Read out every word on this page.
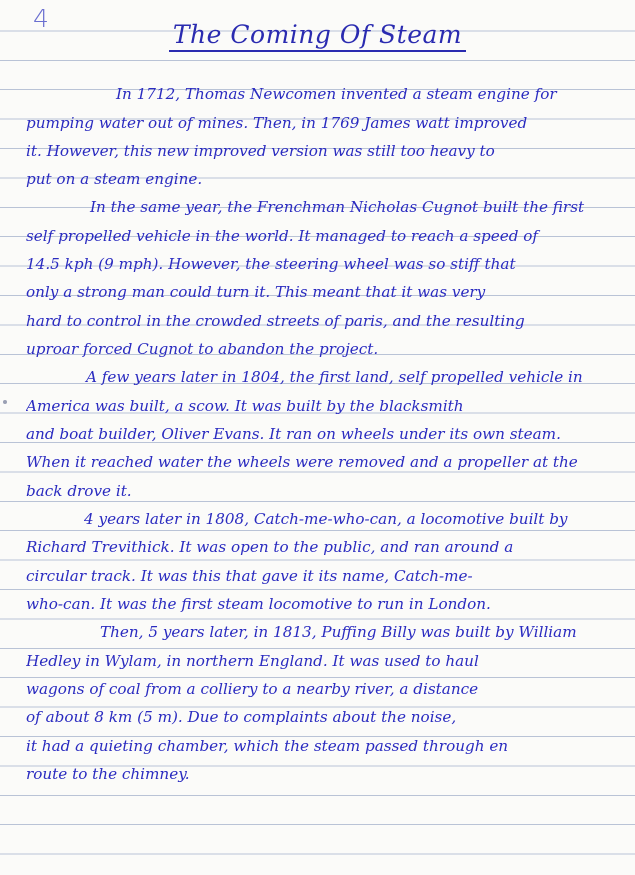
4
The Coming Of Steam
In 1712, Thomas Newcomen invented a steam engine for
pumping water out of mines. Then, in 1769 James watt improved
it. However, this new improved version was still too heavy to
put on a steam engine.
In the same year, the Frenchman Nicholas Cugnot built the first
self propelled vehicle in the world. It managed to reach a speed of
14.5 kph (9 mph). However, the steering wheel was so stiff that
only a strong man could turn it. This meant that it was very
hard to control in the crowded streets of paris, and the resulting
uproar forced Cugnot to abandon the project.
A few years later in 1804, the first land, self propelled vehicle in
America was built, a scow. It was built by the blacksmith
and boat builder, Oliver Evans. It ran on wheels under its own steam.
When it reached water the wheels were removed and a propeller at the
back drove it.
4 years later in 1808, Catch-me-who-can, a locomotive built by
Richard Trevithick. It was open to the public, and ran around a
circular track. It was this that gave it its name, Catch-me-
who-can. It was the first steam locomotive to run in London.
Then, 5 years later, in 1813, Puffing Billy was built by William
Hedley in Wylam, in northern England. It was used to haul
wagons of coal from a colliery to a nearby river, a distance
of about 8 km (5 m). Due to complaints about the noise,
it had a quieting chamber, which the steam passed through en
route to the chimney.
